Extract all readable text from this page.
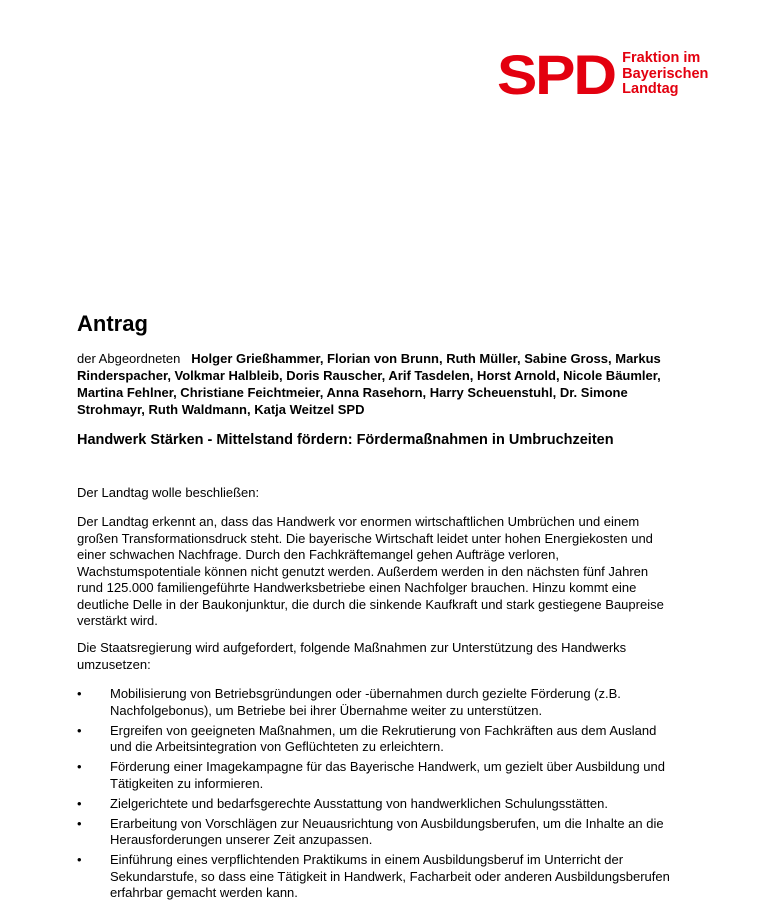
SPD Fraktion im
Bayerischen
Landtag
Antrag
der Abgeordneten Holger Grießhammer, Florian von Brunn, Ruth Müller, Sabine Gross, Markus Rinderspacher, Volkmar Halbleib, Doris Rauscher, Arif Tasdelen, Horst Arnold, Nicole Bäumler, Martina Fehlner, Christiane Feichtmeier, Anna Rasehorn, Harry Scheuenstuhl, Dr. Simone Strohmayr, Ruth Waldmann, Katja Weitzel SPD
Handwerk Stärken - Mittelstand fördern: Fördermaßnahmen in Umbruchzeiten

Der Landtag wolle beschließen:

Der Landtag erkennt an, dass das Handwerk vor enormen wirtschaftlichen Umbrüchen und einem großen Transformationsdruck steht. Die bayerische Wirtschaft leidet unter hohen Energiekosten und einer schwachen Nachfrage. Durch den Fachkräftemangel gehen Aufträge verloren, Wachstumspotentiale können nicht genutzt werden. Außerdem werden in den nächsten fünf Jahren rund 125.000 familiengeführte Handwerksbetriebe einen Nachfolger brauchen. Hinzu kommt eine deutliche Delle in der Baukonjunktur, die durch die sinkende Kaufkraft und stark gestiegene Baupreise verstärkt wird.

Die Staatsregierung wird aufgefordert, folgende Maßnahmen zur Unterstützung des Handwerks umzusetzen:

• Mobilisierung von Betriebsgründungen oder -übernahmen durch gezielte Förderung (z.B. Nachfolgebonus), um Betriebe bei ihrer Übernahme weiter zu unterstützen.
• Ergreifen von geeigneten Maßnahmen, um die Rekrutierung von Fachkräften aus dem Ausland und die Arbeitsintegration von Geflüchteten zu erleichtern.
• Förderung einer Imagekampagne für das Bayerische Handwerk, um gezielt über Ausbildung und Tätigkeiten zu informieren.
• Zielgerichtete und bedarfsgerechte Ausstattung von handwerklichen Schulungsstätten.
• Erarbeitung von Vorschlägen zur Neuausrichtung von Ausbildungsberufen, um die Inhalte an die Herausforderungen unserer Zeit anzupassen.
• Einführung eines verpflichtenden Praktikums in einem Ausbildungsberuf im Unterricht der Sekundarstufe, so dass eine Tätigkeit in Handwerk, Facharbeit oder anderen Ausbildungsberufen erfahrbar gemacht werden kann.
